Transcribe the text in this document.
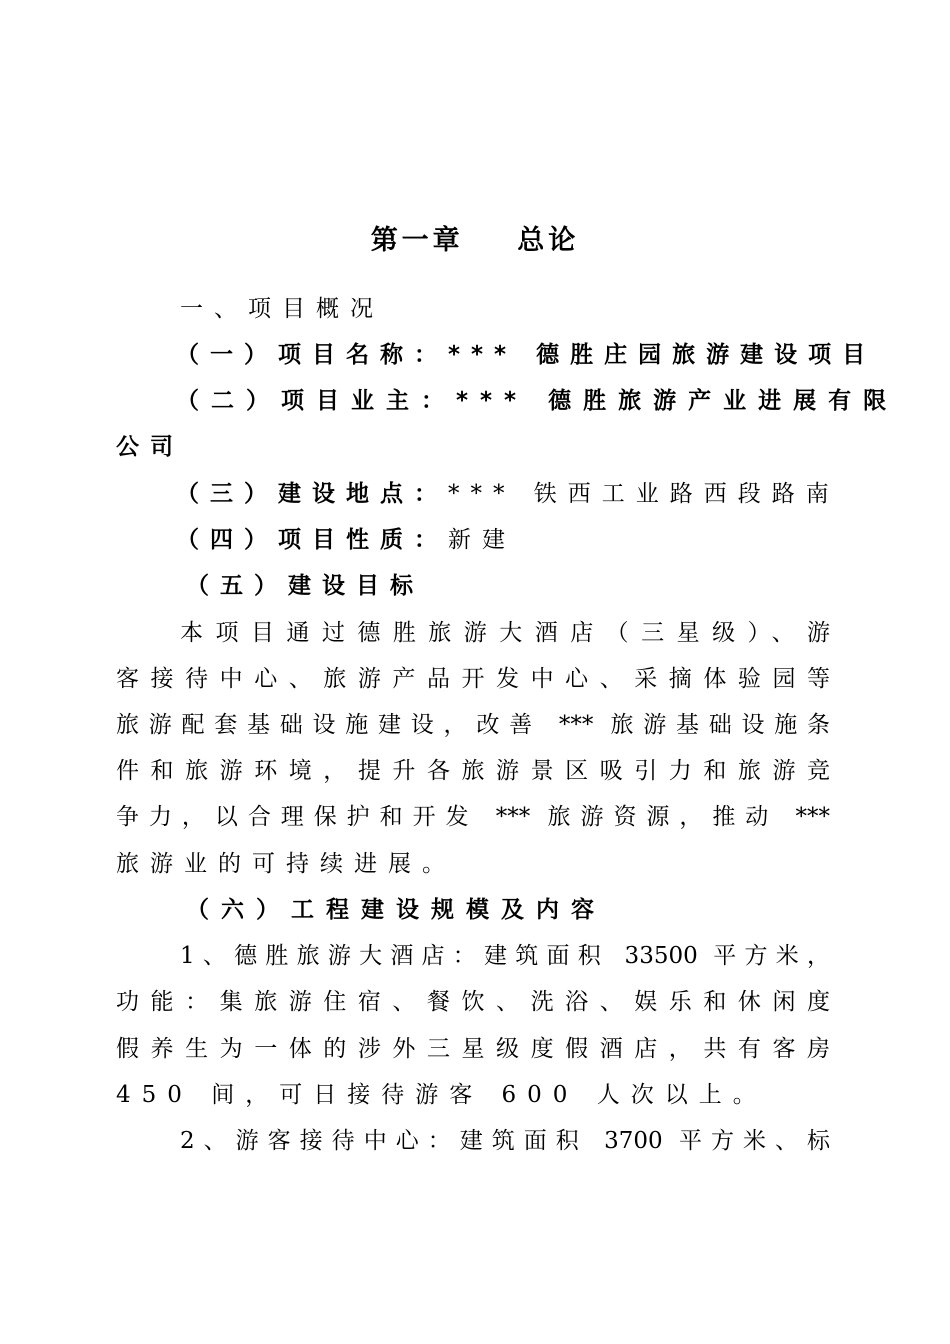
第一章    总论
一、项目概况
（一）项目名称：*** 德胜庄园旅游建设项目
（二）项目业主：*** 德胜旅游产业进展有限
公司
（三）建设地点：*** 铁西工业路西段路南
（四）项目性质：新建
（五）建设目标
本项目通过德胜旅游大酒店（三星级）、游
客接待中心、旅游产品开发中心、采摘体验园等
旅游配套基础设施建设，改善 *** 旅游基础设施条
件和旅游环境，提升各旅游景区吸引力和旅游竞
争力，以合理保护和开发 *** 旅游资源，推动 ***
旅游业的可持续进展。
（六）工程建设规模及内容
1、德胜旅游大酒店：建筑面积 33500 平方米，
功能：集旅游住宿、餐饮、洗浴、娱乐和休闲度
假养生为一体的涉外三星级度假酒店，共有客房
450 间，可日接待游客 600 人次以上。
2、游客接待中心：建筑面积 3700 平方米、标
